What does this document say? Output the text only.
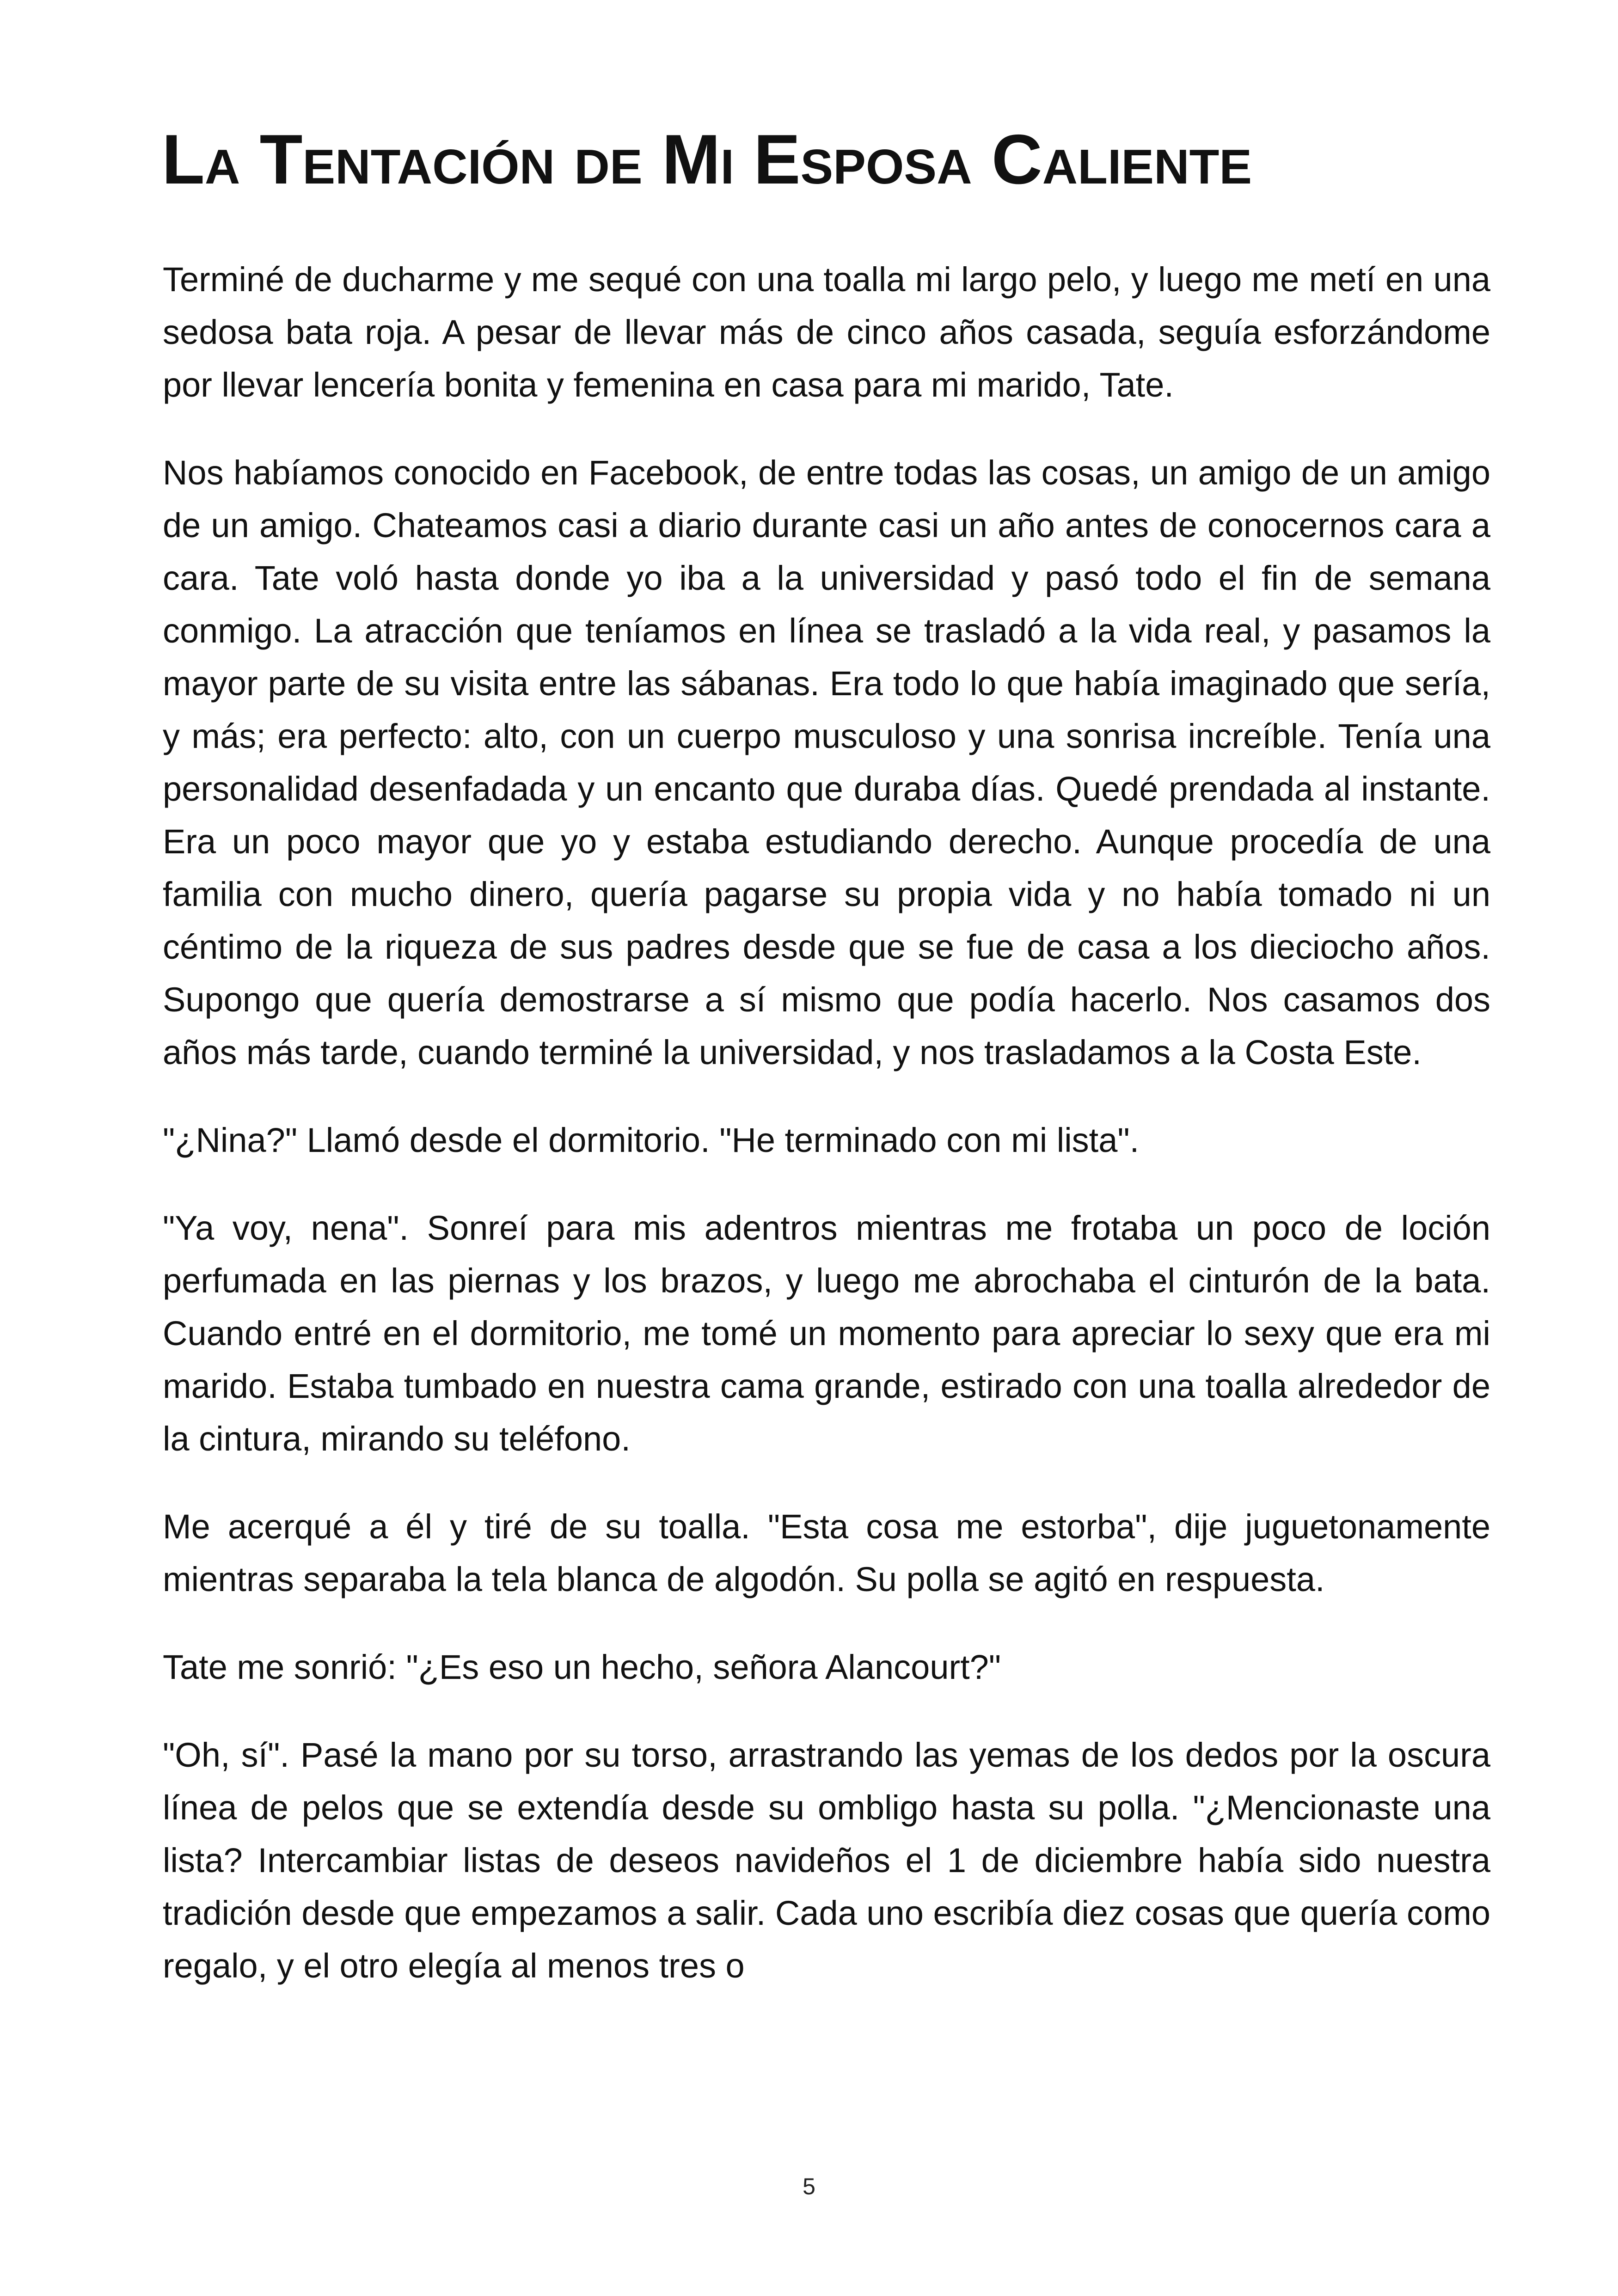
La Tentación de Mi Esposa Caliente

Terminé de ducharme y me sequé con una toalla mi largo pelo, y luego me metí en una sedosa bata roja. A pesar de llevar más de cinco años casada, seguía esforzándome por llevar lencería bonita y femenina en casa para mi marido, Tate.

Nos habíamos conocido en Facebook, de entre todas las cosas, un amigo de un amigo de un amigo. Chateamos casi a diario durante casi un año antes de conocernos cara a cara. Tate voló hasta donde yo iba a la universidad y pasó todo el fin de semana conmigo. La atracción que teníamos en línea se trasladó a la vida real, y pasamos la mayor parte de su visita entre las sábanas. Era todo lo que había imaginado que sería, y más; era perfecto: alto, con un cuerpo musculoso y una sonrisa increíble. Tenía una personalidad desenfadada y un encanto que duraba días. Quedé prendada al instante. Era un poco mayor que yo y estaba estudiando derecho. Aunque procedía de una familia con mucho dinero, quería pagarse su propia vida y no había tomado ni un céntimo de la riqueza de sus padres desde que se fue de casa a los dieciocho años. Supongo que quería demostrarse a sí mismo que podía hacerlo. Nos casamos dos años más tarde, cuando terminé la universidad, y nos trasladamos a la Costa Este.

"¿Nina?" Llamó desde el dormitorio. "He terminado con mi lista".

"Ya voy, nena". Sonreí para mis adentros mientras me frotaba un poco de loción perfumada en las piernas y los brazos, y luego me abrochaba el cinturón de la bata. Cuando entré en el dormitorio, me tomé un momento para apreciar lo sexy que era mi marido. Estaba tumbado en nuestra cama grande, estirado con una toalla alrededor de la cintura, mirando su teléfono.

Me acerqué a él y tiré de su toalla. "Esta cosa me estorba", dije juguetonamente mientras separaba la tela blanca de algodón. Su polla se agitó en respuesta.

Tate me sonrió: "¿Es eso un hecho, señora Alancourt?"

"Oh, sí". Pasé la mano por su torso, arrastrando las yemas de los dedos por la oscura línea de pelos que se extendía desde su ombligo hasta su polla. "¿Mencionaste una lista? Intercambiar listas de deseos navideños el 1 de diciembre había sido nuestra tradición desde que empezamos a salir. Cada uno escribía diez cosas que quería como regalo, y el otro elegía al menos tres o

5
